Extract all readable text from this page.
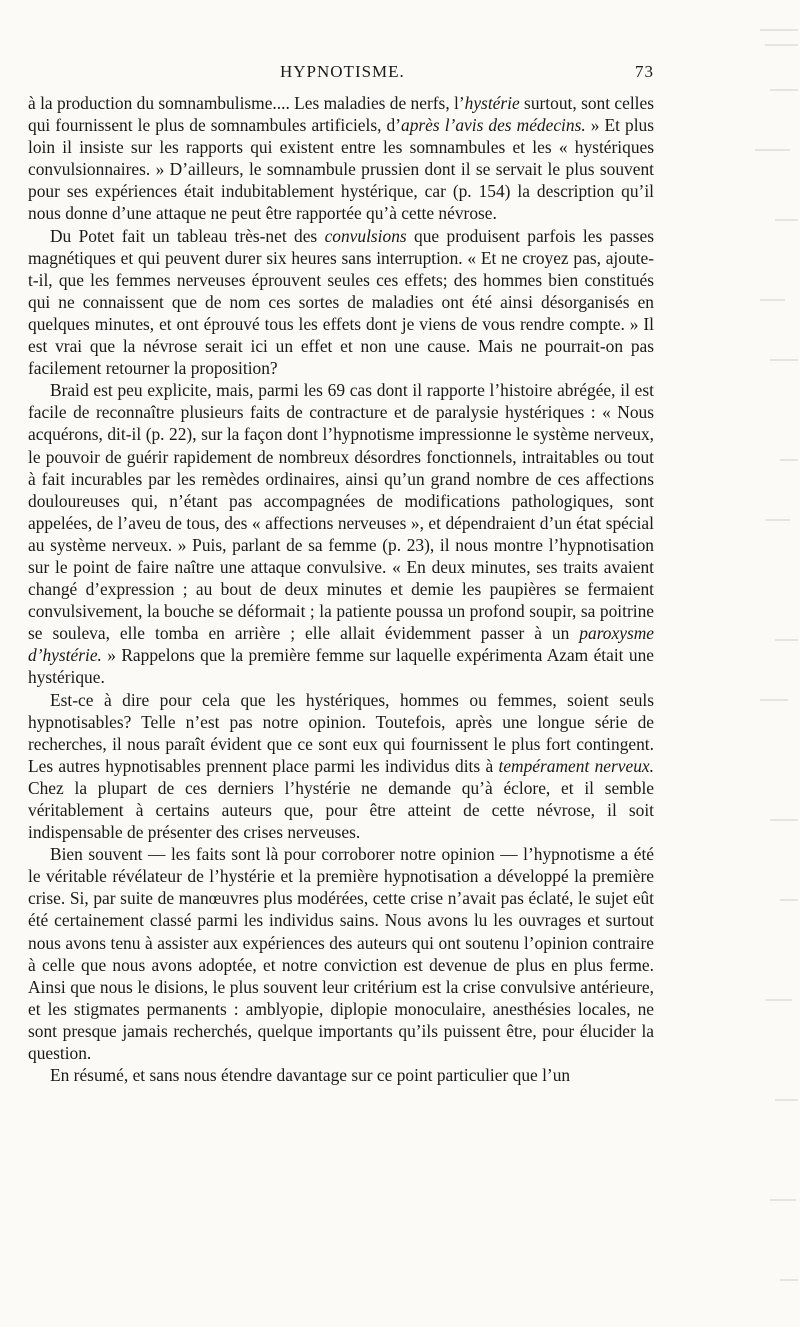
HYPNOTISME.	73

à la production du somnambulisme.... Les maladies de nerfs, l’hystérie surtout, sont celles qui fournissent le plus de somnambules artificiels, d’après l’avis des médecins. » Et plus loin il insiste sur les rapports qui existent entre les somnambules et les « hystériques convulsionnaires. » D’ailleurs, le somnambule prussien dont il se servait le plus souvent pour ses expériences était indubitablement hystérique, car (p. 154) la description qu’il nous donne d’une attaque ne peut être rapportée qu’à cette névrose.

Du Potet fait un tableau très-net des convulsions que produisent parfois les passes magnétiques et qui peuvent durer six heures sans interruption. « Et ne croyez pas, ajoute-t-il, que les femmes nerveuses éprouvent seules ces effets; des hommes bien constitués qui ne connaissent que de nom ces sortes de maladies ont été ainsi désorganisés en quelques minutes, et ont éprouvé tous les effets dont je viens de vous rendre compte. » Il est vrai que la névrose serait ici un effet et non une cause. Mais ne pourrait-on pas facilement retourner la proposition?

Braid est peu explicite, mais, parmi les 69 cas dont il rapporte l’histoire abrégée, il est facile de reconnaître plusieurs faits de contracture et de paralysie hystériques : « Nous acquérons, dit-il (p. 22), sur la façon dont l’hypnotisme impressionne le système nerveux, le pouvoir de guérir rapidement de nombreux désordres fonctionnels, intraitables ou tout à fait incurables par les remèdes ordinaires, ainsi qu’un grand nombre de ces affections douloureuses qui, n’étant pas accompagnées de modifications pathologiques, sont appelées, de l’aveu de tous, des « affections nerveuses », et dépendraient d’un état spécial au système nerveux. » Puis, parlant de sa femme (p. 23), il nous montre l’hypnotisation sur le point de faire naître une attaque convulsive. « En deux minutes, ses traits avaient changé d’expression ; au bout de deux minutes et demie les paupières se fermaient convulsivement, la bouche se déformait ; la patiente poussa un profond soupir, sa poitrine se souleva, elle tomba en arrière ; elle allait évidemment passer à un paroxysme d’hystérie. » Rappelons que la première femme sur laquelle expérimenta Azam était une hystérique.

Est-ce à dire pour cela que les hystériques, hommes ou femmes, soient seuls hypnotisables? Telle n’est pas notre opinion. Toutefois, après une longue série de recherches, il nous paraît évident que ce sont eux qui fournissent le plus fort contingent. Les autres hypnotisables prennent place parmi les individus dits à tempérament nerveux. Chez la plupart de ces derniers l’hystérie ne demande qu’à éclore, et il semble véritablement à certains auteurs que, pour être atteint de cette névrose, il soit indispensable de présenter des crises nerveuses.

Bien souvent — les faits sont là pour corroborer notre opinion — l’hypnotisme a été le véritable révélateur de l’hystérie et la première hypnotisation a développé la première crise. Si, par suite de manœuvres plus modérées, cette crise n’avait pas éclaté, le sujet eût été certainement classé parmi les individus sains. Nous avons lu les ouvrages et surtout nous avons tenu à assister aux expériences des auteurs qui ont soutenu l’opinion contraire à celle que nous avons adoptée, et notre conviction est devenue de plus en plus ferme. Ainsi que nous le disions, le plus souvent leur critérium est la crise convulsive antérieure, et les stigmates permanents : amblyopie, diplopie monoculaire, anesthésies locales, ne sont presque jamais recherchés, quelque importants qu’ils puissent être, pour élucider la question.

En résumé, et sans nous étendre davantage sur ce point particulier que l’un
